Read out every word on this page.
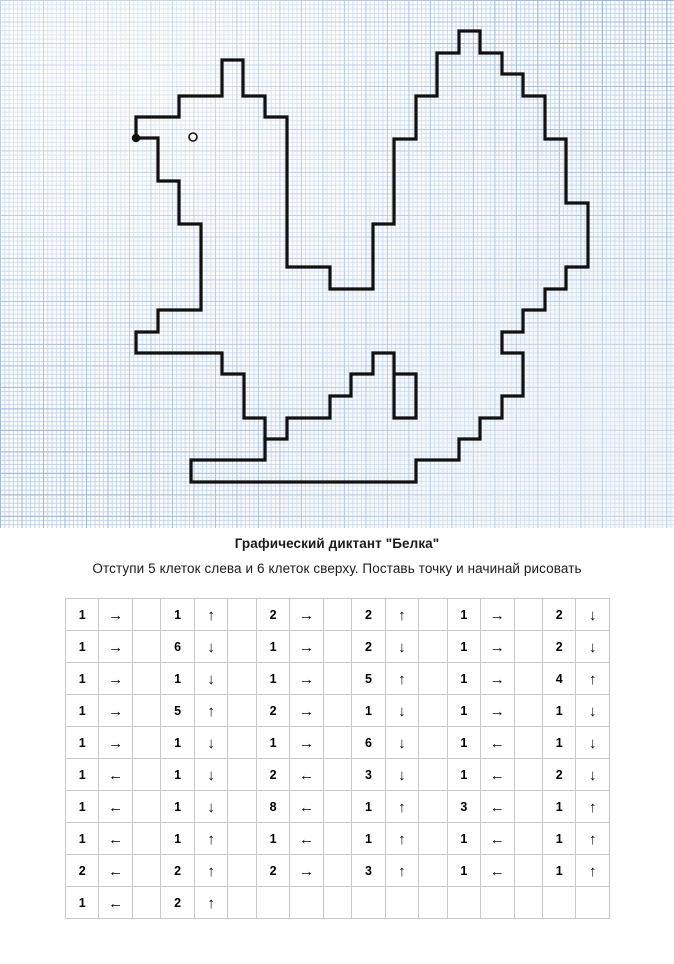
Графический диктант "Белка"
Отступи 5 клеток слева и 6 клеток сверху. Поставь точку и начинай рисовать
1	→		1	↑		2	→		2	↑		1	→		2	↓
1	→		6	↓		1	→		2	↓		1	→		2	↓
1	→		1	↓		1	→		5	↑		1	→		4	↑
1	→		5	↑		2	→		1	↓		1	→		1	↓
1	→		1	↓		1	→		6	↓		1	←		1	↓
1	←		1	↓		2	←		3	↓		1	←		2	↓
1	←		1	↓		8	←		1	↑		3	←		1	↑
1	←		1	↑		1	←		1	↑		1	←		1	↑
2	←		2	↑		2	→		3	↑		1	←		1	↑
1	←		2	↑												
